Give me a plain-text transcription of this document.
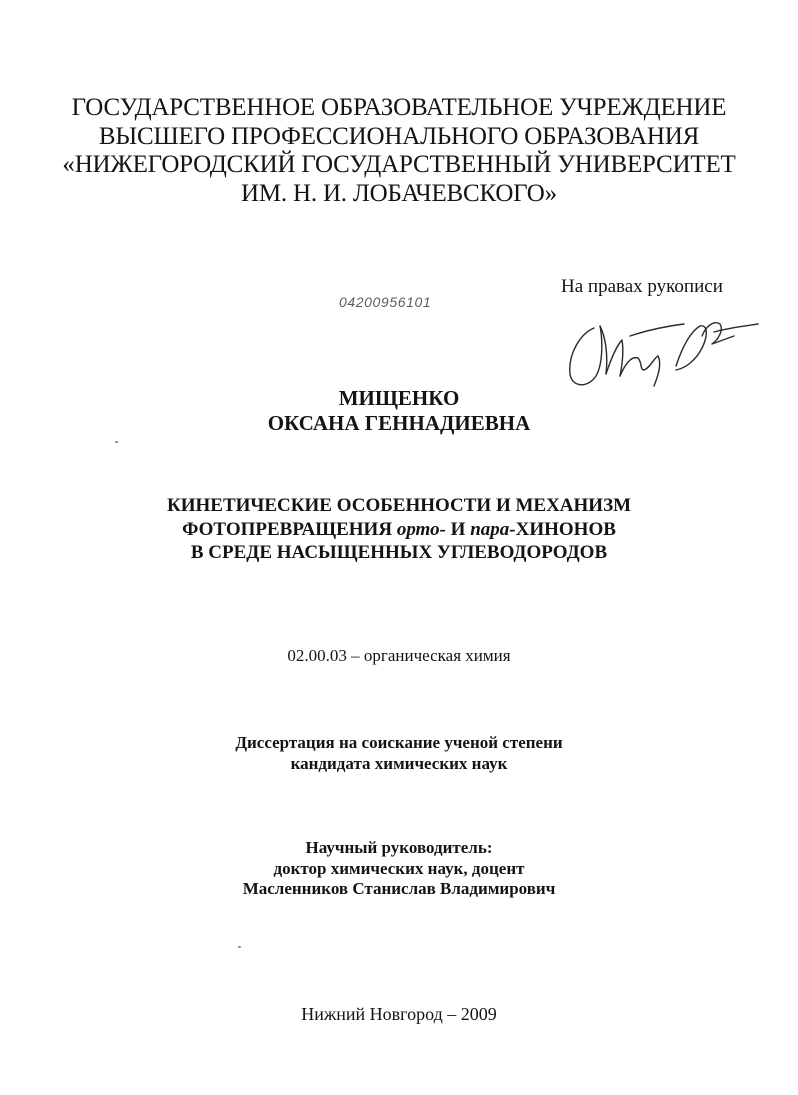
ГОСУДАРСТВЕННОЕ ОБРАЗОВАТЕЛЬНОЕ УЧРЕЖДЕНИЕ
ВЫСШЕГО ПРОФЕССИОНАЛЬНОГО ОБРАЗОВАНИЯ
«НИЖЕГОРОДСКИЙ ГОСУДАРСТВЕННЫЙ УНИВЕРСИТЕТ
ИМ. Н. И. ЛОБАЧЕВСКОГО»
На правах рукописи
04200956101
МИЩЕНКО
ОКСАНА ГЕННАДИЕВНА
КИНЕТИЧЕСКИЕ ОСОБЕННОСТИ И МЕХАНИЗМ
ФОТОПРЕВРАЩЕНИЯ орто- И пара-ХИНОНОВ
В СРЕДЕ НАСЫЩЕННЫХ УГЛЕВОДОРОДОВ
02.00.03 – органическая химия
Диссертация на соискание ученой степени
кандидата химических наук
Научный руководитель:
доктор химических наук, доцент
Масленников Станислав Владимирович
Нижний Новгород – 2009
